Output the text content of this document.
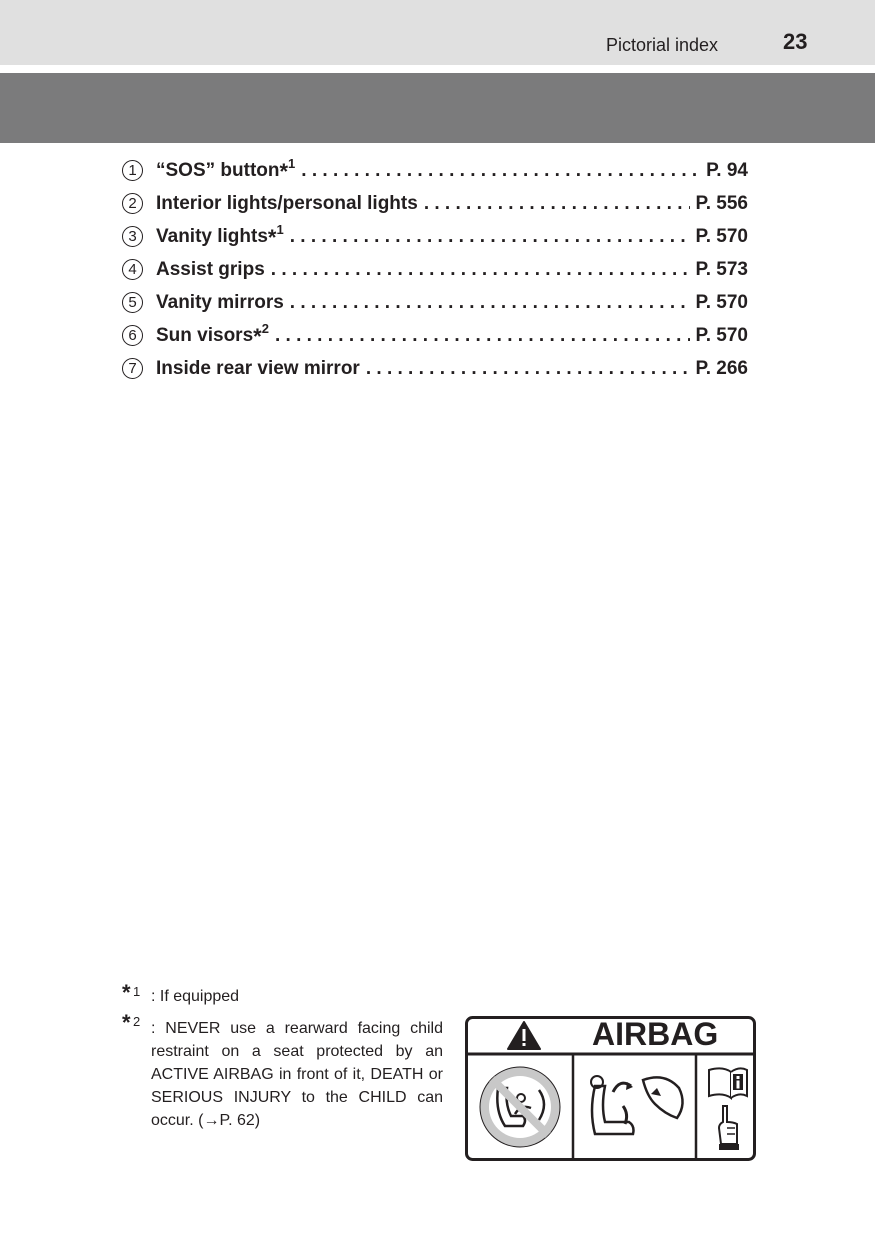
Pictorial index	23
1	“SOS” button*$^1$ . . .	P. 94
2	Interior lights/personal lights . . .	P. 556
3	Vanity lights*$^1$ . . .	P. 570
4	Assist grips . . .	P. 573
5	Vanity mirrors . . .	P. 570
6	Sun visors*$^2$ . . .	P. 570
7	Inside rear view mirror . . .	P. 266
* 1 : If equipped
* 2 : NEVER use a rearward facing child restraint on a seat protected by an ACTIVE AIRBAG in front of it, DEATH or SERIOUS INJURY to the CHILD can occur. (→P. 62)
AIRBAG
